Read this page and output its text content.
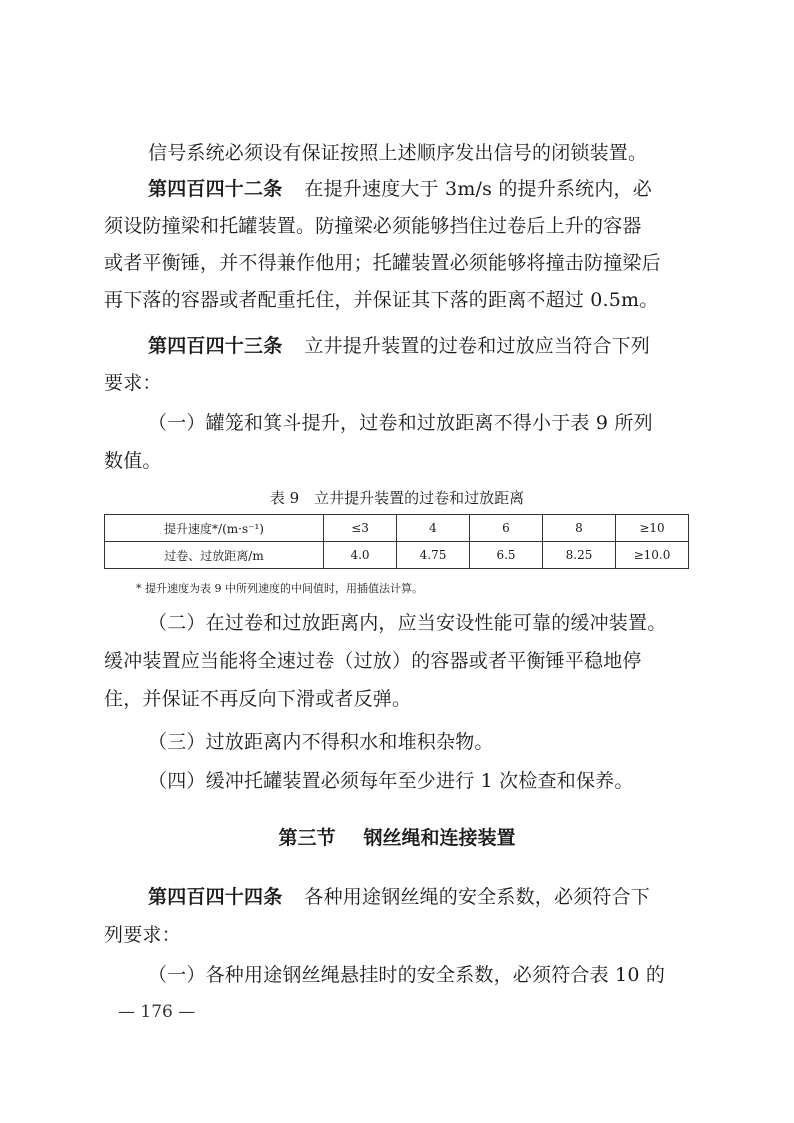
信号系统必须设有保证按照上述顺序发出信号的闭锁装置。
第四百四十二条 在提升速度大于 3m/s 的提升系统内，必
须设防撞梁和托罐装置。防撞梁必须能够挡住过卷后上升的容器
或者平衡锤，并不得兼作他用；托罐装置必须能够将撞击防撞梁后
再下落的容器或者配重托住，并保证其下落的距离不超过 0.5m。
第四百四十三条 立井提升装置的过卷和过放应当符合下列
要求：
（一）罐笼和箕斗提升，过卷和过放距离不得小于表 9 所列
数值。
表 9　立井提升装置的过卷和过放距离
提升速度*/(m·s⁻¹)	≤3	4	6	8	≥10
过卷、过放距离/m	4.0	4.75	6.5	8.25	≥10.0
* 提升速度为表 9 中所列速度的中间值时，用插值法计算。
（二）在过卷和过放距离内，应当安设性能可靠的缓冲装置。
缓冲装置应当能将全速过卷（过放）的容器或者平衡锤平稳地停
住，并保证不再反向下滑或者反弹。
（三）过放距离内不得积水和堆积杂物。
（四）缓冲托罐装置必须每年至少进行 1 次检查和保养。
第三节 钢丝绳和连接装置
第四百四十四条 各种用途钢丝绳的安全系数，必须符合下
列要求：
（一）各种用途钢丝绳悬挂时的安全系数，必须符合表 10 的
— 176 —
